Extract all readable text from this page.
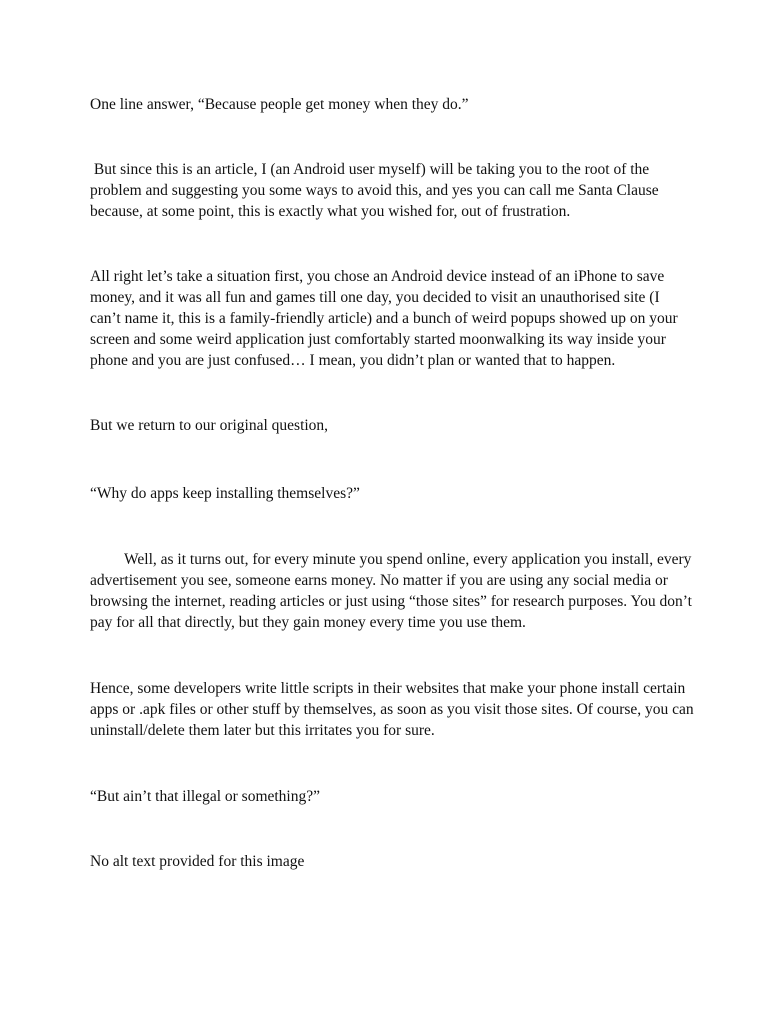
One line answer, “Because people get money when they do.”

But since this is an article, I (an Android user myself) will be taking you to the root of the
problem and suggesting you some ways to avoid this, and yes you can call me Santa Clause
because, at some point, this is exactly what you wished for, out of frustration.

All right let’s take a situation first, you chose an Android device instead of an iPhone to save
money, and it was all fun and games till one day, you decided to visit an unauthorised site (I
can’t name it, this is a family-friendly article) and a bunch of weird popups showed up on your
screen and some weird application just comfortably started moonwalking its way inside your
phone and you are just confused… I mean, you didn’t plan or wanted that to happen.

But we return to our original question,

“Why do apps keep installing themselves?”

Well, as it turns out, for every minute you spend online, every application you install, every
advertisement you see, someone earns money. No matter if you are using any social media or
browsing the internet, reading articles or just using “those sites” for research purposes. You don’t
pay for all that directly, but they gain money every time you use them.

Hence, some developers write little scripts in their websites that make your phone install certain
apps or .apk files or other stuff by themselves, as soon as you visit those sites. Of course, you can
uninstall/delete them later but this irritates you for sure.

“But ain’t that illegal or something?”

No alt text provided for this image
